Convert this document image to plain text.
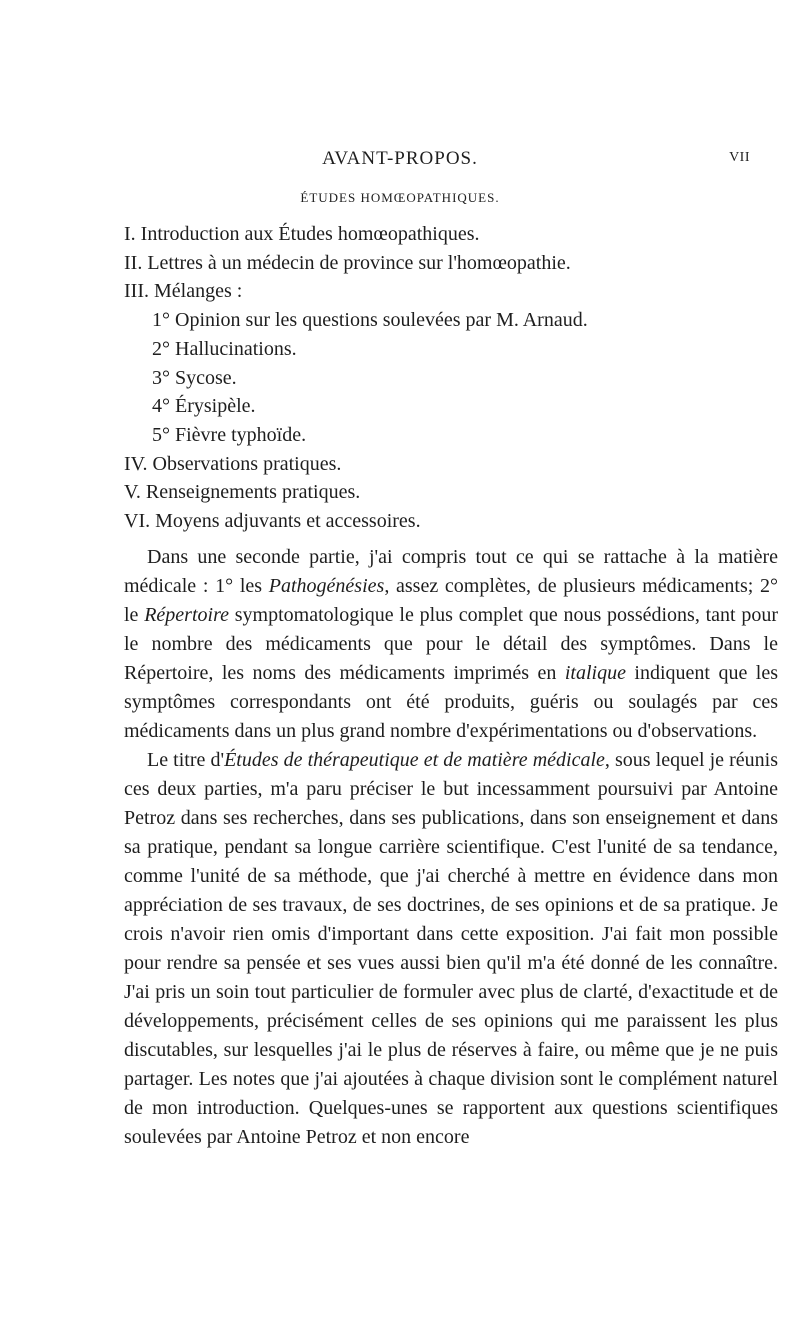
AVANT-PROPOS.	VII
ÉTUDES HOMŒOPATHIQUES.
I. Introduction aux Études homœopathiques.
II. Lettres à un médecin de province sur l'homœopathie.
III. Mélanges :
1° Opinion sur les questions soulevées par M. Arnaud.
2° Hallucinations.
3° Sycose.
4° Érysipèle.
5° Fièvre typhoïde.
IV. Observations pratiques.
V. Renseignements pratiques.
VI. Moyens adjuvants et accessoires.

Dans une seconde partie, j'ai compris tout ce qui se rattache à la matière médicale : 1° les Pathogénésies, assez complètes, de plusieurs médicaments; 2° le Répertoire symptomatologique le plus complet que nous possédions, tant pour le nombre des médicaments que pour le détail des symptômes. Dans le Répertoire, les noms des médicaments imprimés en italique indiquent que les symptômes correspondants ont été produits, guéris ou soulagés par ces médicaments dans un plus grand nombre d'expérimentations ou d'observations.

Le titre d'Études de thérapeutique et de matière médicale, sous lequel je réunis ces deux parties, m'a paru préciser le but incessamment poursuivi par Antoine Petroz dans ses recherches, dans ses publications, dans son enseignement et dans sa pratique, pendant sa longue carrière scientifique. C'est l'unité de sa tendance, comme l'unité de sa méthode, que j'ai cherché à mettre en évidence dans mon appréciation de ses travaux, de ses doctrines, de ses opinions et de sa pratique. Je crois n'avoir rien omis d'important dans cette exposition. J'ai fait mon possible pour rendre sa pensée et ses vues aussi bien qu'il m'a été donné de les connaître. J'ai pris un soin tout particulier de formuler avec plus de clarté, d'exactitude et de développements, précisément celles de ses opinions qui me paraissent les plus discutables, sur lesquelles j'ai le plus de réserves à faire, ou même que je ne puis partager. Les notes que j'ai ajoutées à chaque division sont le complément naturel de mon introduction. Quelques-unes se rapportent aux questions scientifiques soulevées par Antoine Petroz et non encore
